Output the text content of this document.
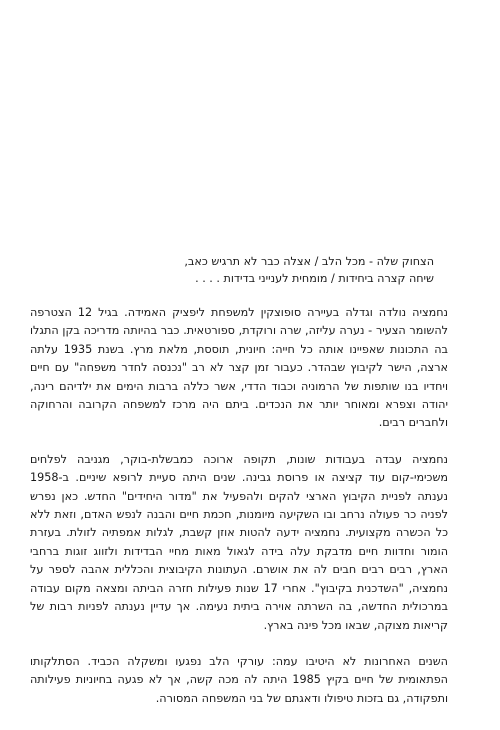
הצחוק שלה - מכל הלב / אצלה כבר לא תרגיש כאב,
שיחה קצרה ביחידות / מומחית לענייני בדידות . . . .

נחמציה נולדה וגדלה בעיירה סופוצקין למשפחת ליפציק האמידה. בגיל 12 הצטרפה להשומר הצעיר - נערה עליזה, שרה ורוקדת, ספורטאית. כבר בהיותה מדריכה בקן התגלו בה התכונות שאפיינו אותה כל חייה: חיונית, תוססת, מלאת מרץ. בשנת 1935 עלתה ארצה, הישר לקיבוץ שבהדר. כעבור זמן קצר לא רב "נכנסה לחדר משפחה" עם חיים ויחדיו בנו שותפות של הרמוניה וכבוד הדדי, אשר כללה ברבות הימים את ילדיהם רינה, יהודה וצפרא ומאוחר יותר את הנכדים. ביתם היה מרכז למשפחה הקרובה והרחוקה ולחברים רבים.

נחמציה עבדה בעבודות שונות, תקופה ארוכה כמבשלת-בוקר, מגניבה לפלחים משכימי-קום עוד קציצה או פרוסת גבינה. שנים היתה סעיית לרופא שיניים. ב-1958 נענתה לפניית הקיבוץ הארצי להקים ולהפעיל את "מדור היחידים" החדש. כאן נפרש לפניה כר פעולה נרחב ובו השקיעה מיומנות, חכמת חיים והבנה לנפש האדם, וזאת ללא כל הכשרה מקצועית. נחמציה ידעה להטות אוזן קשבת, לגלות אמפתיה לזולת. בעזרת הומור וחדוות חיים מדבקת עלה בידה לגאול מאות מחיי הבדידות ולזווג זוגות ברחבי הארץ, רבים רבים חבים לה את אושרם. העתונות הקיבוצית והכללית אהבה לספר על נחמציה, "השדכנית בקיבוץ". אחרי 17 שנות פעילות חזרה הביתה ומצאה מקום עבודה במרכולית החדשה, בה השרתה אוירה ביתית נעימה. אך עדיין נענתה לפניות רבות של קריאות מצוקה, שבאו מכל פינה בארץ.

השנים האחרונות לא היטיבו עמה: עורקי הלב נפגעו ומשקלה הכביד. הסתלקותו הפתאומית של חיים בקיץ 1985 היתה לה מכה קשה, אך לא פגעה בחיוניות פעילותה ותפקודה, גם בזכות טיפולו ודאגתם של בני המשפחה המסורה.
